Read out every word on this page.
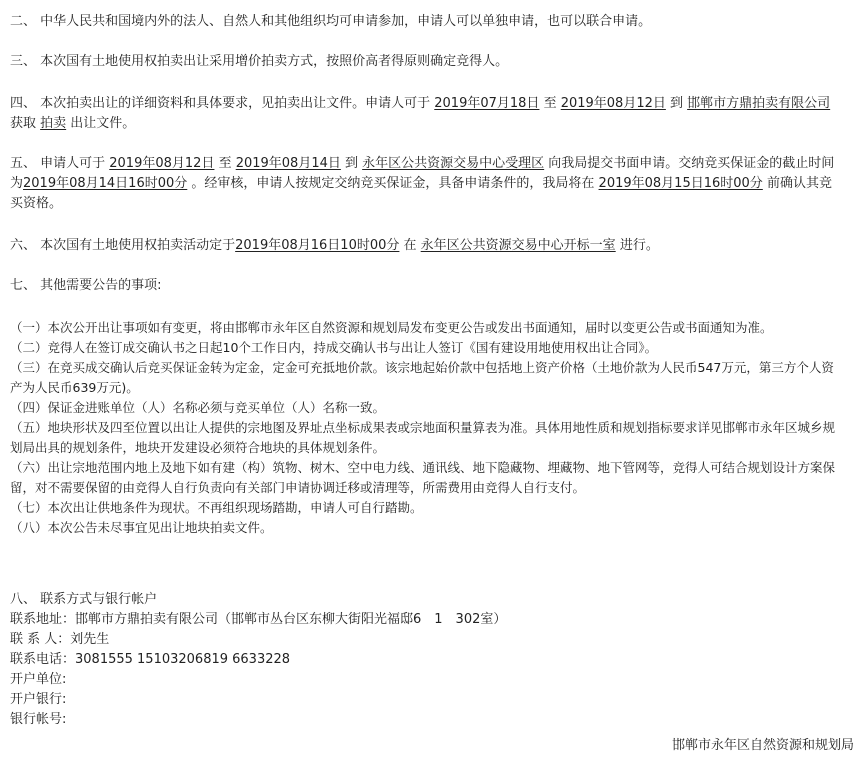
二、 中华人民共和国境内外的法人、自然人和其他组织均可申请参加，申请人可以单独申请，也可以联合申请。

三、 本次国有土地使用权拍卖出让采用增价拍卖方式，按照价高者得原则确定竞得人。

四、 本次拍卖出让的详细资料和具体要求，见拍卖出让文件。申请人可于 2019年07月18日 至 2019年08月12日 到 邯郸市方鼎拍卖有限公司 获取 拍卖 出让文件。

五、 申请人可于 2019年08月12日 至 2019年08月14日 到 永年区公共资源交易中心受理区 向我局提交书面申请。交纳竞买保证金的截止时间为2019年08月14日16时00分 。经审核，申请人按规定交纳竞买保证金，具备申请条件的，我局将在 2019年08月15日16时00分 前确认其竞买资格。

六、 本次国有土地使用权拍卖活动定于2019年08月16日10时00分 在 永年区公共资源交易中心开标一室 进行。

七、 其他需要公告的事项:

（一）本次公开出让事项如有变更，将由邯郸市永年区自然资源和规划局发布变更公告或发出书面通知，届时以变更公告或书面通知为准。

（二）竞得人在签订成交确认书之日起10个工作日内，持成交确认书与出让人签订《国有建设用地使用权出让合同》。

（三）在竞买成交确认后竞买保证金转为定金，定金可充抵地价款。该宗地起始价款中包括地上资产价格（土地价款为人民币547万元，第三方个人资产为人民币639万元)。

（四）保证金进账单位（人）名称必须与竞买单位（人）名称一致。

（五）地块形状及四至位置以出让人提供的宗地图及界址点坐标成果表或宗地面积量算表为准。具体用地性质和规划指标要求详见邯郸市永年区城乡规划局出具的规划条件，地块开发建设必须符合地块的具体规划条件。

（六）出让宗地范围内地上及地下如有建（构）筑物、树木、空中电力线、通讯线、地下隐藏物、埋藏物、地下管网等，竞得人可结合规划设计方案保留，对不需要保留的由竞得人自行负责向有关部门申请协调迁移或清理等，所需费用由竞得人自行支付。

（七）本次出让供地条件为现状。不再组织现场踏勘，申请人可自行踏勘。

（八）本次公告未尽事宜见出让地块拍卖文件。

八、 联系方式与银行帐户

联系地址：邯郸市方鼎拍卖有限公司（邯郸市丛台区东柳大街阳光福邸6　1　302室）

联 系 人：刘先生

联系电话：3081555 15103206819 6633228

开户单位:

开户银行:

银行帐号:

邯郸市永年区自然资源和规划局
